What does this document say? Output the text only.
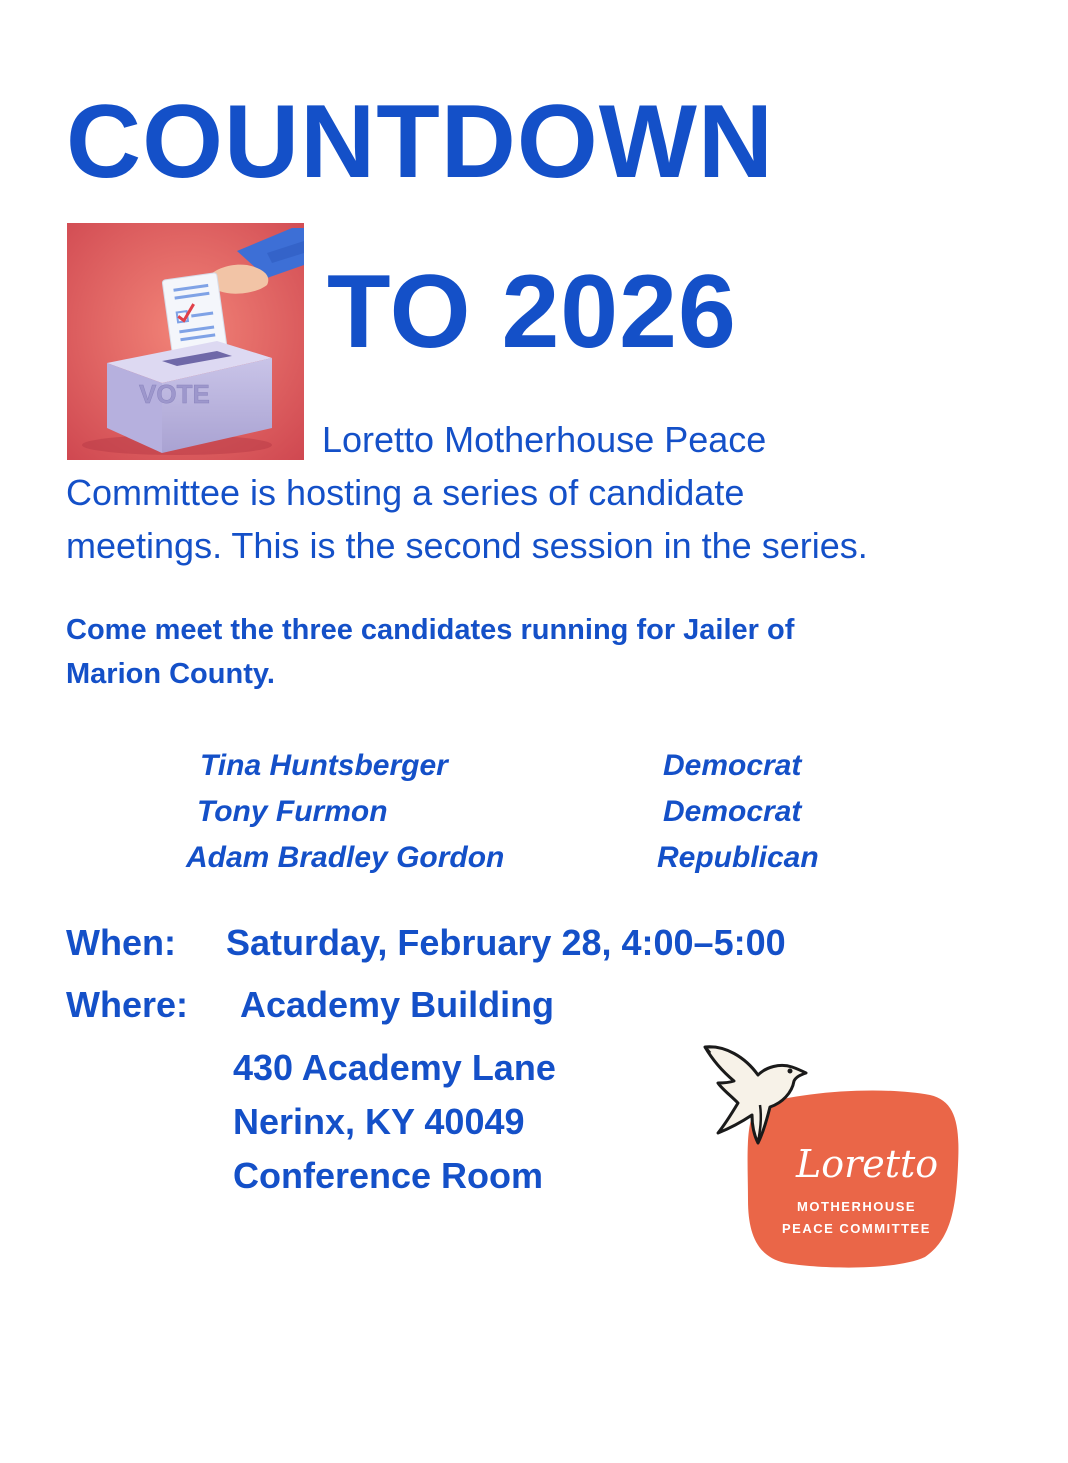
COUNTDOWN
TO 2026
VOTE
Loretto Motherhouse Peace
Committee is hosting a series of candidate
meetings. This is the second session in the series.
Come meet the three candidates running for Jailer of
Marion County.
Tina Huntsberger	Democrat
Tony Furmon	Democrat
Adam Bradley Gordon	Republican
When: Saturday, February 28, 4:00–5:00
Where: Academy Building
430 Academy Lane
Nerinx, KY 40049
Conference Room	Loretto
MOTHERHOUSE
PEACE COMMITTEE
